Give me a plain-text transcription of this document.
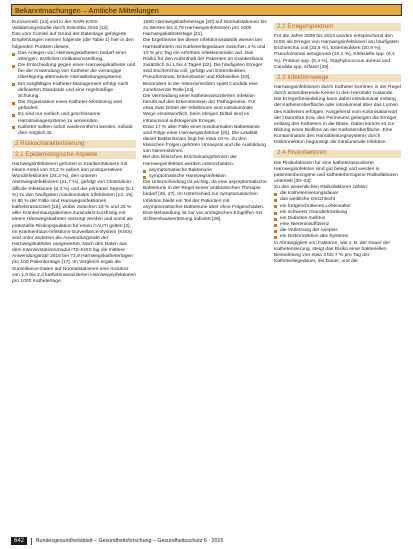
Bekanntmachungen – Amtliche Mitteilungen

Eurosurveill. [13] und in der SARI-KISS-Validierungsstudie durch Sobottka 2016 [12].

Das vom Comité auf Grund der Datenlage gefolgerte Empfehlungen nennen folgende (die Table 1) hier in den folgenden Punkten dieses:

Das Anlegen von Harnwegskathetern bedarf einer strengen, ärztlichen Indikationsstellung.
Die Entscheidung gegen einen Harnwegskatheter und bei der Anwendung von Katheter die vorrangige Überlegung alternativer Harnableitungssysteme.
Ein sorgfältiges Katheter-Management erfolgt nach definierten Standards und eine regelmäßige Schulung.
Die Organisation eines Katheter-Monitoring wird gefordert.
Es sind nur einfach und geschlossene Harndrainagesysteme zu verwenden.
Katheter sollten sofort wiederentfernt werden, sobald dies möglich ist.
2 Risikocharakterisierung
2.1 Epidemiologische Aspekte

Harnwegsinfektionen gehören in Krankenhäusern mit einem Anteil von 23,2 % neben den postoperativen Wundinfektionen (24,3 %), den unteren Atemwegsinfektionen (21,7 %), gefolgt von Clostridium-difficile-Infektionen (6,4 %) und der primären Sepsis (5,1 %) zu den häufigsten nosokomialen Infektionen [14, 15]. In 80 % der Fälle sind Harnwegsinfektionen katheterassoziiert [16], wobei zwischen 15 % und 25 % aller Krankenhauspatienten zumindest kurzfristig mit einem Harnwegskatheter versorgt werden und somit als potentielle Risikopopulation für einen CAUTI gelten [2]. Im Krankenhaus-Infektions-Surveillance-System (KISS) wird unter anderem die Anwendungsrate der Harnwegskatheter ausgewertet. Nach den Daten aus dem Intensivstationsmodul ITS-KISS lag die mittlere Anwendungsrate 2015 bei 73,9 Harnwegskathetertagen pro 100 Patiententage [17]. Im Vergleich ergab die Surveillance-Daten auf Normalstationen eine Inzidenz von 1,0 bis 2,3 katheterassoziierten Harnwegsinfektionen pro 1000 Kathetertage.

1000 Harnwegskathetertage [20] auf Normalstationen bis zu Werten bis 3,79 Harnwegsinfektionen pro 1000 Harnwegskathetertage [21].

Die Ergebnisse bei dieser Infektionsstatistik wiesen bei Harnkathetern mit Katheterliegedauer zwischen 3 % und 10 % pro Tag ein erhöhtes Infektionsrisiko auf. Das Risiko für den Aufenthalt der Patienten im Krankenhaus zusätzlich zu 1 bis 4 Tagen [22]. Die häufigsten Erreger sind Escherichia coli, gefolgt von Enterokokken, Pseudomonas, Enterobacter und Klebsiellen [23]. Besonders in der Intensivmedizin spielt Candida eine zunehmende Rolle [24].

Die Vermeidung einer katheterassoziierten Infektion beruht auf den Erkenntnissen der Pathogenese. Für etwa zwei Drittel der Infektionen sind extraluminale Wege verantwortlich, beim übrigen Drittel sind es intraluminal aufsteigende Erreger.

Etwa 17 % aller Fälle einer nosokomialen Bakteriämie sind Folge einer Harnwegsinfektion [25]. Die Letalität dieser Bakteriämien liegt bei etwa 10 %. Zu den klinischen Folgen gehören Urosepsis und die Ausbildung von Nierensteinen.

Bei den klinischen Erscheinungsformen der Harnwegsinfektion werden unterschieden:

asymptomatische Bakteriurie
symptomatische Harnwegsinfektion

Die Unterscheidung ist wichtig, da eine asymptomatische Bakteriurie in der Regel keiner antibiotischen Therapie bedarf [26, 27]. Im Unterschied zur symptomatischen Infektion bleibt ein Teil der Patienten mit asymptomatischer Bakteriurie aber ohne Folgeschäden. Eine Behandlung ist nur vor urologischen Eingriffen mit Schleimhautverletzung indiziert [28].

2.2 Erregerspektrum

Für die Jahre 2009 bis 2013 wurden entsprechend den KISS als Erreger von Harnwegsinfektionen am häufigsten Escherichia coli (33,6 %), Enterokokken (20,9 %), Pseudomonas aeruginosa (10,1 %), Klebsiella spp. (9,4 %), Proteus spp. (6,4 %), Staphylococcus aureus und Candida spp. erfasst [29].

2.3 Infektionswege

Harnwegsinfektionen durch Katheter kommen in der Regel durch aszendierende Keime in den Harntrakt zustande. Die Erregerbesiedelung kann dabei extraluminal entlang der Katheteroberfläche oder intraluminal über das Lumen des Katheters erfolgen. Ausgehend vom Kolonisationsort der Harnröhre bzw. des Perineums gelangen die Erreger entlang des Katheters in die Blase. Dabei kommt es zur Bildung eines Biofilms an der Katheteroberfläche. Eine Kontamination des Harnableitungssystems durch Diskonnektion begünstigt die intraluminale Infektion.

2.4 Risikofaktoren

Die Risikofaktoren für eine katheterassoziierte Harnwegsinfektion sind gut belegt und werden in patientenbezogene und katheterbezogene Risikofaktoren unterteilt [30–33]:

Zu den wesentlichen Risikofaktoren zählen:

die Katheterisierungsdauer
das weibliche Geschlecht
ein fortgeschrittenes Lebensalter
ein schwerer Grunderkrankung
ein Diabetes mellitus
eine Niereninsuffizienz
die Verletzung der Asepsis
ein Diskonnektion des Systems

In Abhängigkeit von Faktoren, wie z. B. der Dauer der Katheterisierung, steigt das Risiko einer bakteriellen Besiedelung von etwa 3 bis 7 % pro Tag der Katheterliegedauer, die Dauer, und die

642	Bundesgesundheitsblatt – Gesundheitsforschung – Gesundheitsschutz 6 · 2015
